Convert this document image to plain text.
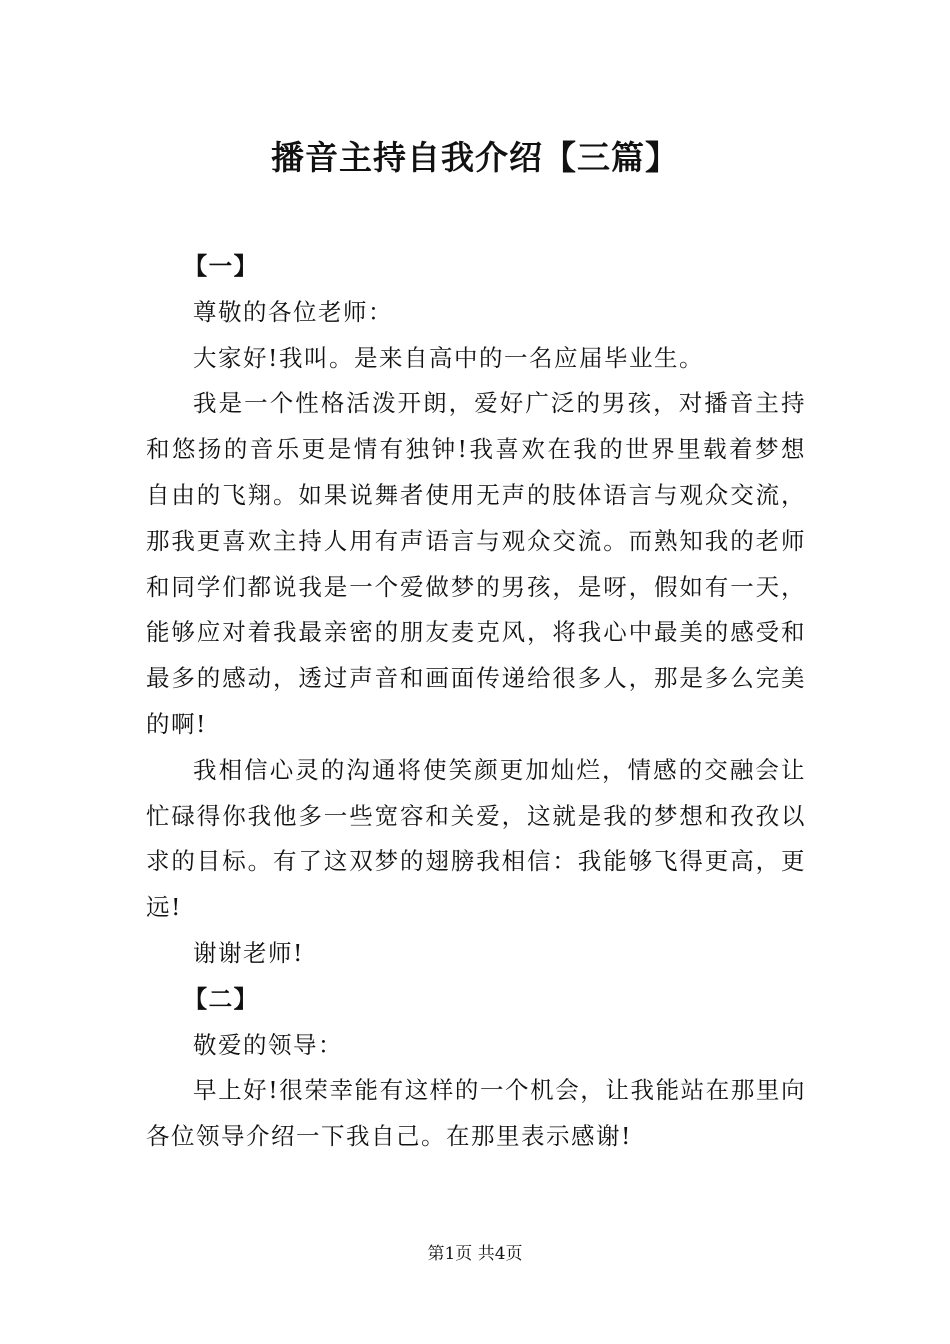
播音主持自我介绍【三篇】

【一】

尊敬的各位老师：

大家好!我叫。是来自高中的一名应届毕业生。

我是一个性格活泼开朗，爱好广泛的男孩，对播音主持和悠扬的音乐更是情有独钟!我喜欢在我的世界里载着梦想自由的飞翔。如果说舞者使用无声的肢体语言与观众交流，那我更喜欢主持人用有声语言与观众交流。而熟知我的老师和同学们都说我是一个爱做梦的男孩，是呀，假如有一天，能够应对着我最亲密的朋友麦克风，将我心中最美的感受和最多的感动，透过声音和画面传递给很多人，那是多么完美的啊!

我相信心灵的沟通将使笑颜更加灿烂，情感的交融会让忙碌得你我他多一些宽容和关爱，这就是我的梦想和孜孜以求的目标。有了这双梦的翅膀我相信：我能够飞得更高，更远!

谢谢老师!

【二】

敬爱的领导：

早上好!很荣幸能有这样的一个机会，让我能站在那里向各位领导介绍一下我自己。在那里表示感谢!

第1页 共4页
